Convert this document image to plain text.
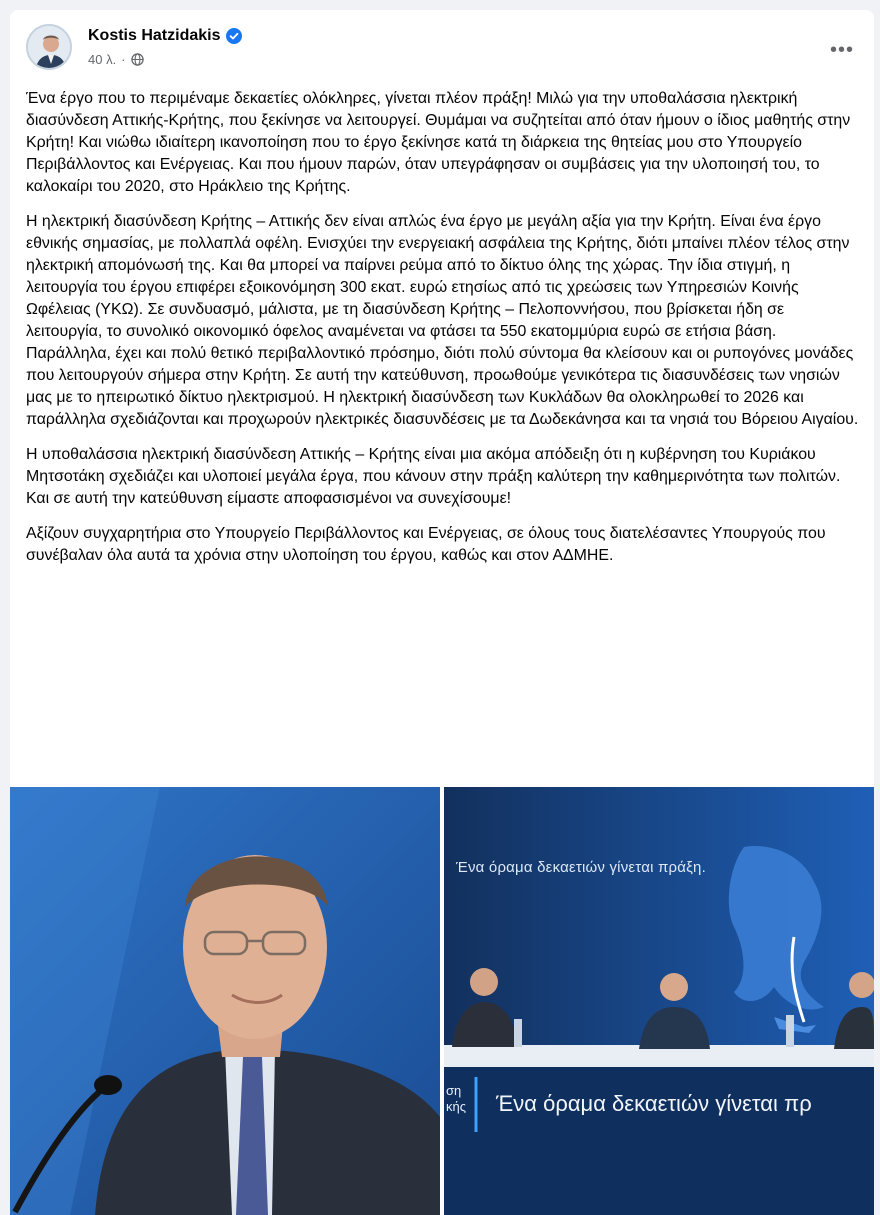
Kostis Hatzidakis
40 λ. ·	•••

Ένα έργο που το περιμέναμε δεκαετίες ολόκληρες, γίνεται πλέον πράξη! Μιλώ για την υποθαλάσσια ηλεκτρική διασύνδεση Αττικής-Κρήτης, που ξεκίνησε να λειτουργεί. Θυμάμαι να συζητείται από όταν ήμουν ο ίδιος μαθητής στην Κρήτη! Και νιώθω ιδιαίτερη ικανοποίηση που το έργο ξεκίνησε κατά τη διάρκεια της θητείας μου στο Υπουργείο Περιβάλλοντος και Ενέργειας. Και που ήμουν παρών, όταν υπεγράφησαν οι συμβάσεις για την υλοποιησή του, το καλοκαίρι του 2020, στο Ηράκλειο της Κρήτης.

Η ηλεκτρική διασύνδεση Κρήτης – Αττικής δεν είναι απλώς ένα έργο με μεγάλη αξία για την Κρήτη. Είναι ένα έργο εθνικής σημασίας, με πολλαπλά οφέλη. Ενισχύει την ενεργειακή ασφάλεια της Κρήτης, διότι μπαίνει πλέον τέλος στην ηλεκτρική απομόνωσή της. Και θα μπορεί να παίρνει ρεύμα από το δίκτυο όλης της χώρας. Την ίδια στιγμή, η λειτουργία του έργου επιφέρει εξοικονόμηση 300 εκατ. ευρώ ετησίως από τις χρεώσεις των Υπηρεσιών Κοινής Ωφέλειας (ΥΚΩ). Σε συνδυασμό, μάλιστα, με τη διασύνδεση Κρήτης – Πελοποννήσου, που βρίσκεται ήδη σε λειτουργία, το συνολικό οικονομικό όφελος αναμένεται να φτάσει τα 550 εκατομμύρια ευρώ σε ετήσια βάση. Παράλληλα, έχει και πολύ θετικό περιβαλλοντικό πρόσημο, διότι πολύ σύντομα θα κλείσουν και οι ρυπογόνες μονάδες που λειτουργούν σήμερα στην Κρήτη. Σε αυτή την κατεύθυνση, προωθούμε γενικότερα τις διασυνδέσεις των νησιών μας με το ηπειρωτικό δίκτυο ηλεκτρισμού. Η ηλεκτρική διασύνδεση των Κυκλάδων θα ολοκληρωθεί το 2026 και παράλληλα σχεδιάζονται και προχωρούν ηλεκτρικές διασυνδέσεις με τα Δωδεκάνησα και τα νησιά του Βόρειου Αιγαίου.

Η υποθαλάσσια ηλεκτρική διασύνδεση Αττικής – Κρήτης είναι μια ακόμα απόδειξη ότι η κυβέρνηση του Κυριάκου Μητσοτάκη σχεδιάζει και υλοποιεί μεγάλα έργα, που κάνουν στην πράξη καλύτερη την καθημερινότητα των πολιτών. Και σε αυτή την κατεύθυνση είμαστε αποφασισμένοι να συνεχίσουμε!

Αξίζουν συγχαρητήρια στο Υπουργείο Περιβάλλοντος και Ενέργειας, σε όλους τους διατελέσαντες Υπουργούς που συνέβαλαν όλα αυτά τα χρόνια στην υλοποίηση του έργου, καθώς και στον ΑΔΜΗΕ.

Ένα όραμα δεκαετιών γίνεται πράξη.
ση
κής Ένα όραμα δεκαετιών γίνεται πρ
